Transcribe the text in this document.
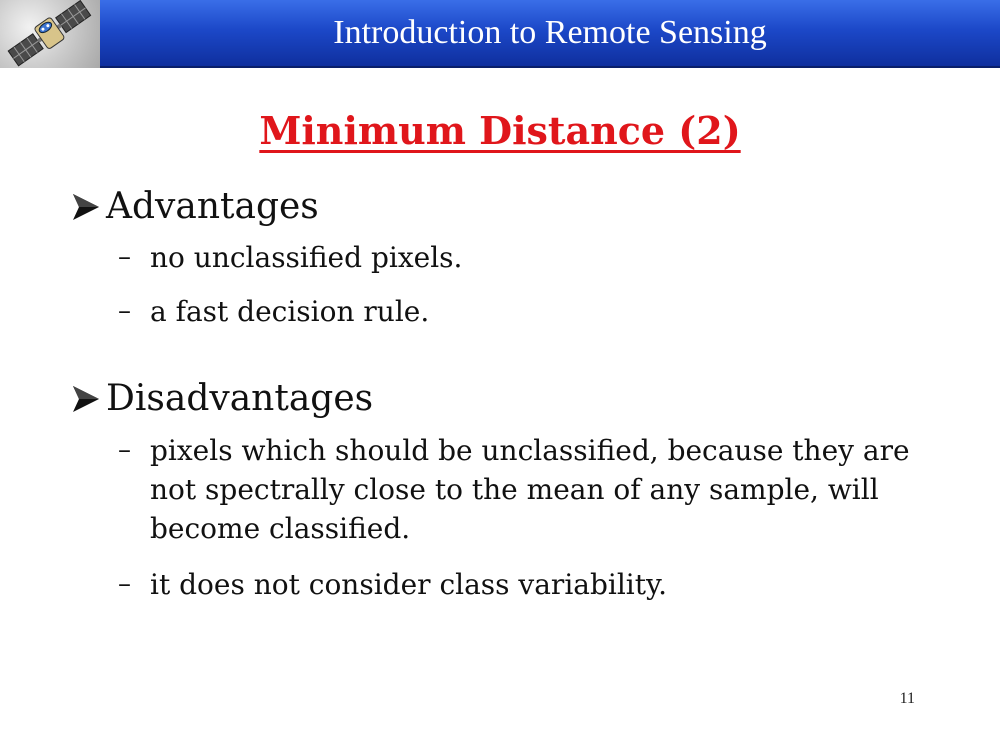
Introduction to Remote Sensing
Minimum Distance (2)
Advantages
– no unclassified pixels.
– a fast decision rule.
Disadvantages
– pixels which should be unclassified, because they are not spectrally close to the mean of any sample, will become classified.
– it does not consider class variability.
11
